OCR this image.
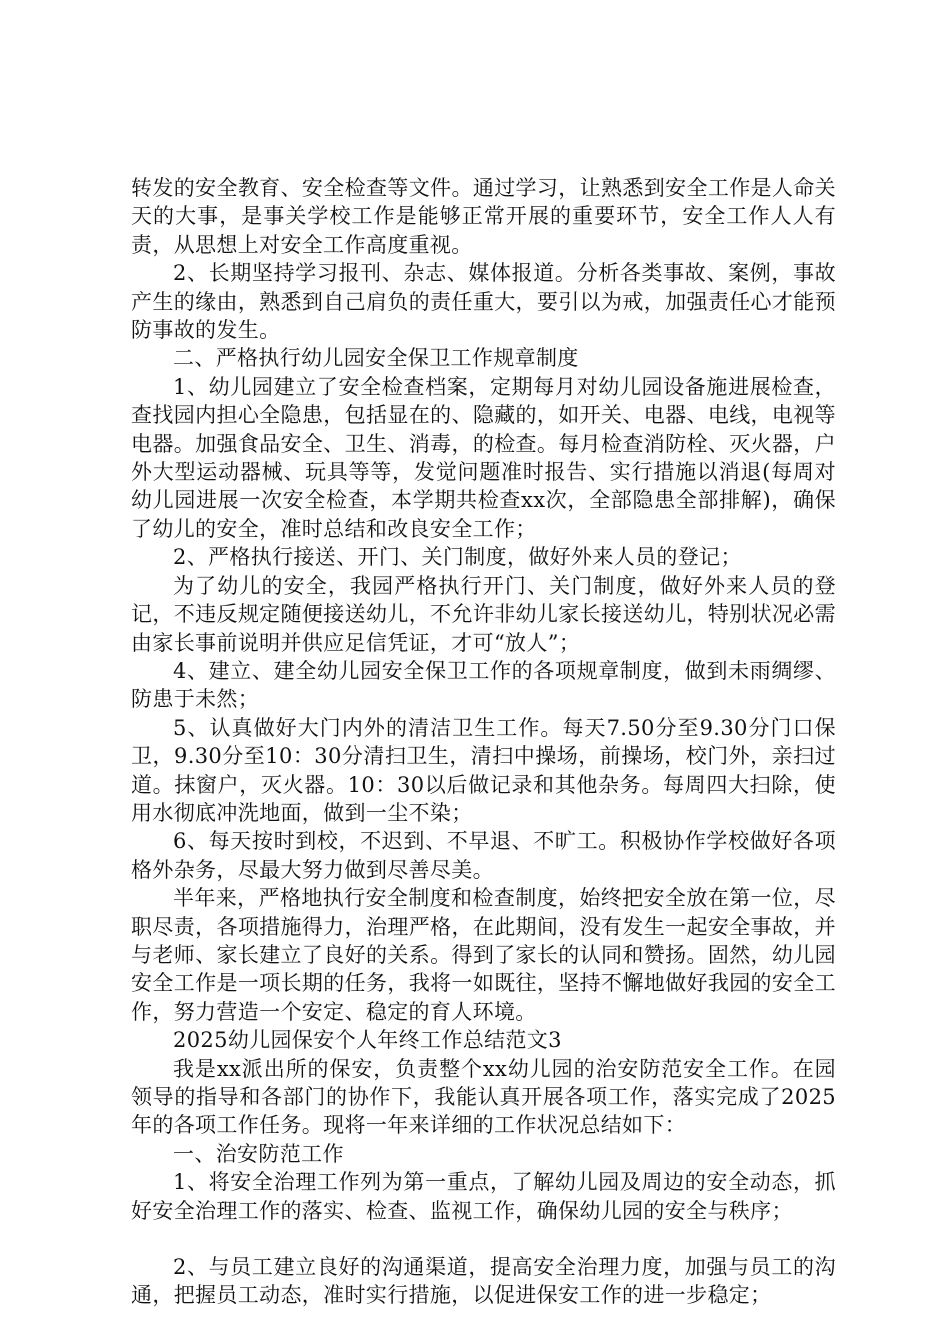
转发的安全教育、安全检查等文件。通过学习，让熟悉到安全工作是人命关天的大事，是事关学校工作是能够正常开展的重要环节，安全工作人人有责，从思想上对安全工作高度重视。

2、长期坚持学习报刊、杂志、媒体报道。分析各类事故、案例，事故产生的缘由，熟悉到自己肩负的责任重大，要引以为戒，加强责任心才能预防事故的发生。

二、严格执行幼儿园安全保卫工作规章制度

1、幼儿园建立了安全检查档案，定期每月对幼儿园设备施进展检查，查找园内担心全隐患，包括显在的、隐藏的，如开关、电器、电线，电视等电器。加强食品安全、卫生、消毒，的检查。每月检查消防栓、灭火器，户外大型运动器械、玩具等等，发觉问题准时报告、实行措施以消退(每周对幼儿园进展一次安全检查，本学期共检查xx次，全部隐患全部排解)，确保了幼儿的安全，准时总结和改良安全工作；

2、严格执行接送、开门、关门制度，做好外来人员的登记；

为了幼儿的安全，我园严格执行开门、关门制度，做好外来人员的登记，不违反规定随便接送幼儿，不允许非幼儿家长接送幼儿，特别状况必需由家长事前说明并供应足信凭证，才可“放人”；

4、建立、建全幼儿园安全保卫工作的各项规章制度，做到未雨绸缪、防患于未然；

5、认真做好大门内外的清洁卫生工作。每天7.50分至9.30分门口保卫，9.30分至10：30分清扫卫生，清扫中操场，前操场，校门外，亲扫过道。抹窗户，灭火器。10：30以后做记录和其他杂务。每周四大扫除，使用水彻底冲洗地面，做到一尘不染；

6、每天按时到校，不迟到、不早退、不旷工。积极协作学校做好各项格外杂务，尽最大努力做到尽善尽美。

半年来，严格地执行安全制度和检查制度，始终把安全放在第一位，尽职尽责，各项措施得力，治理严格，在此期间，没有发生一起安全事故，并与老师、家长建立了良好的关系。得到了家长的认同和赞扬。固然，幼儿园安全工作是一项长期的任务，我将一如既往，坚持不懈地做好我园的安全工作，努力营造一个安定、稳定的育人环境。

2025幼儿园保安个人年终工作总结范文3

我是xx派出所的保安，负责整个xx幼儿园的治安防范安全工作。在园领导的指导和各部门的协作下，我能认真开展各项工作，落实完成了2025年的各项工作任务。现将一年来详细的工作状况总结如下：

一、治安防范工作

1、将安全治理工作列为第一重点，了解幼儿园及周边的安全动态，抓好安全治理工作的落实、检查、监视工作，确保幼儿园的安全与秩序；

2、与员工建立良好的沟通渠道，提高安全治理力度，加强与员工的沟通，把握员工动态，准时实行措施，以促进保安工作的进一步稳定；
